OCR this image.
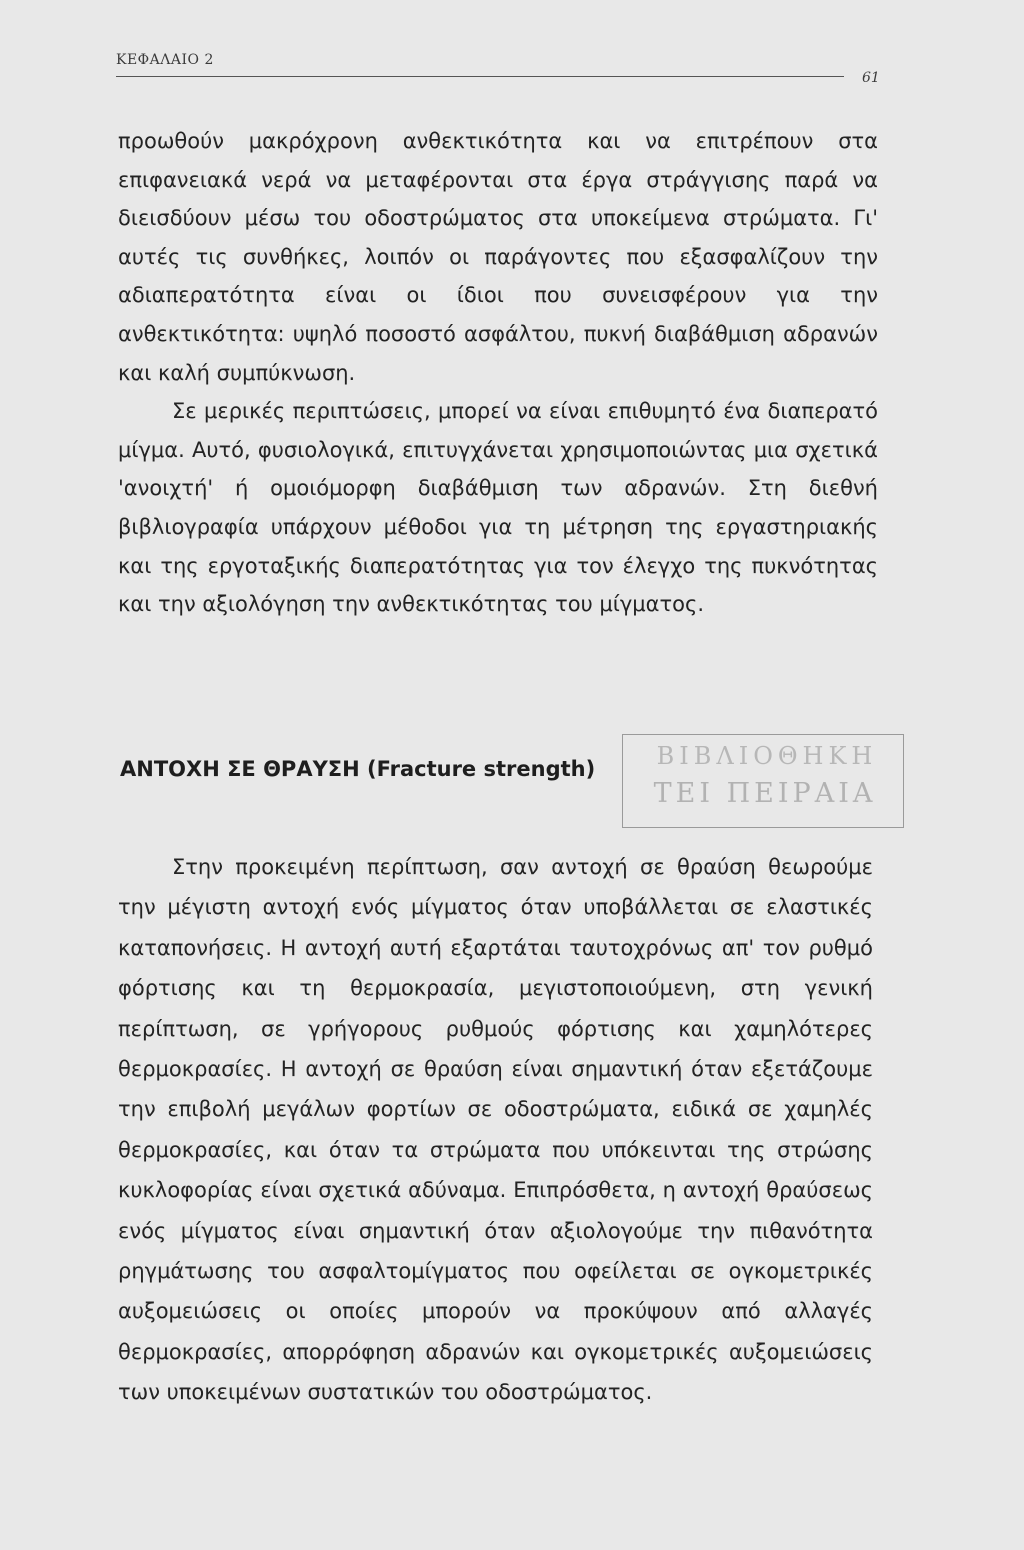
ΚΕΦΑΛΑΙΟ 2
61

προωθούν μακρόχρονη ανθεκτικότητα και να επιτρέπουν στα επιφανειακά νερά να μεταφέρονται στα έργα στράγγισης παρά να διεισδύουν μέσω του οδοστρώματος στα υποκείμενα στρώματα. Γι' αυτές τις συνθήκες, λοιπόν οι παράγοντες που εξασφαλίζουν την αδιαπερατότητα είναι οι ίδιοι που συνεισφέρουν για την ανθεκτικότητα: υψηλό ποσοστό ασφάλτου, πυκνή διαβάθμιση αδρανών και καλή συμπύκνωση.

Σε μερικές περιπτώσεις, μπορεί να είναι επιθυμητό ένα διαπερατό μίγμα. Αυτό, φυσιολογικά, επιτυγχάνεται χρησιμοποιώντας μια σχετικά 'ανοιχτή' ή ομοιόμορφη διαβάθμιση των αδρανών. Στη διεθνή βιβλιογραφία υπάρχουν μέθοδοι για τη μέτρηση της εργαστηριακής και της εργοταξικής διαπερατότητας για τον έλεγχο της πυκνότητας και την αξιολόγηση την ανθεκτικότητας του μίγματος.

ΒΙΒΛΙΟΘΗΚΗ
ΤΕΙ ΠΕΙΡΑΙΑ
ΑΝΤΟΧΗ ΣΕ ΘΡΑΥΣΗ (Fracture strength)

Στην προκειμένη περίπτωση, σαν αντοχή σε θραύση θεωρούμε την μέγιστη αντοχή ενός μίγματος όταν υποβάλλεται σε ελαστικές καταπονήσεις. Η αντοχή αυτή εξαρτάται ταυτοχρόνως απ' τον ρυθμό φόρτισης και τη θερμοκρασία, μεγιστοποιούμενη, στη γενική περίπτωση, σε γρήγορους ρυθμούς φόρτισης και χαμηλότερες θερμοκρασίες. Η αντοχή σε θραύση είναι σημαντική όταν εξετάζουμε την επιβολή μεγάλων φορτίων σε οδοστρώματα, ειδικά σε χαμηλές θερμοκρασίες, και όταν τα στρώματα που υπόκεινται της στρώσης κυκλοφορίας είναι σχετικά αδύναμα. Επιπρόσθετα, η αντοχή θραύσεως ενός μίγματος είναι σημαντική όταν αξιολογούμε την πιθανότητα ρηγμάτωσης του ασφαλτομίγματος που οφείλεται σε ογκομετρικές αυξομειώσεις οι οποίες μπορούν να προκύψουν από αλλαγές θερμοκρασίες, απορρόφηση αδρανών και ογκομετρικές αυξομειώσεις των υποκειμένων συστατικών του οδοστρώματος.
